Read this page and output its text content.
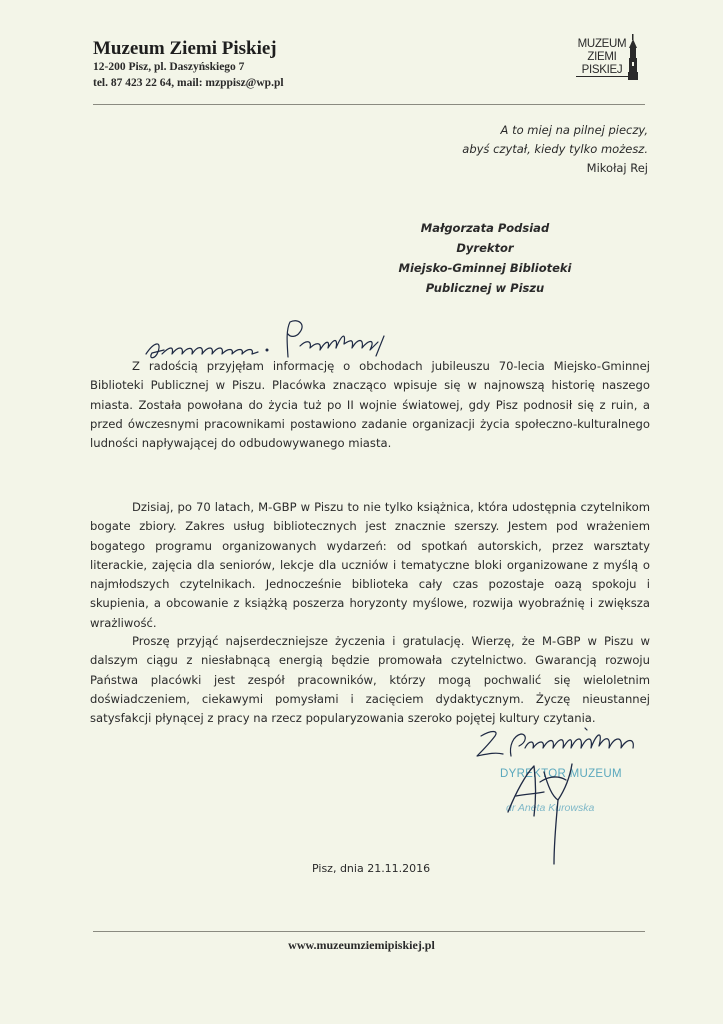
Muzeum Ziemi Piskiej
12-200 Pisz, pl. Daszyńskiego 7
tel. 87 423 22 64, mail: mzppisz@wp.pl
MUZEUM
ZIEMI
PISKIEJ
A to miej na pilnej pieczy,
abyś czytał, kiedy tylko możesz.
Mikołaj Rej
Małgorzata Podsiad
Dyrektor
Miejsko-Gminnej Biblioteki
Publicznej w Piszu
Z radością przyjęłam informację o obchodach jubileuszu 70-lecia Miejsko-Gminnej Biblioteki Publicznej w Piszu. Placówka znacząco wpisuje się w najnowszą historię naszego miasta. Została powołana do życia tuż po II wojnie światowej, gdy Pisz podnosił się z ruin, a przed ówczesnymi pracownikami postawiono zadanie organizacji życia społeczno-kulturalnego ludności napływającej do odbudowywanego miasta.
Dzisiaj, po 70 latach, M-GBP w Piszu to nie tylko książnica, która udostępnia czytelnikom bogate zbiory. Zakres usług bibliotecznych jest znacznie szerszy. Jestem pod wrażeniem bogatego programu organizowanych wydarzeń: od spotkań autorskich, przez warsztaty literackie, zajęcia dla seniorów, lekcje dla uczniów i tematyczne bloki organizowane z myślą o najmłodszych czytelnikach. Jednocześnie biblioteka cały czas pozostaje oazą spokoju i skupienia, a obcowanie z książką poszerza horyzonty myślowe, rozwija wyobraźnię i zwiększa wrażliwość.
Proszę przyjąć najserdeczniejsze życzenia i gratulację. Wierzę, że M-GBP w Piszu w dalszym ciągu z niesłabnącą energią będzie promowała czytelnictwo. Gwarancją rozwoju Państwa placówki jest zespół pracowników, którzy mogą pochwalić się wieloletnim doświadczeniem, ciekawymi pomysłami i zacięciem dydaktycznym. Życzę nieustannej satysfakcji płynącej z pracy na rzecz popularyzowania szeroko pojętej kultury czytania.
DYREKTOR MUZEUM
dr Aneta Kurowska
Pisz, dnia 21.11.2016
www.muzeumziemipiskiej.pl
